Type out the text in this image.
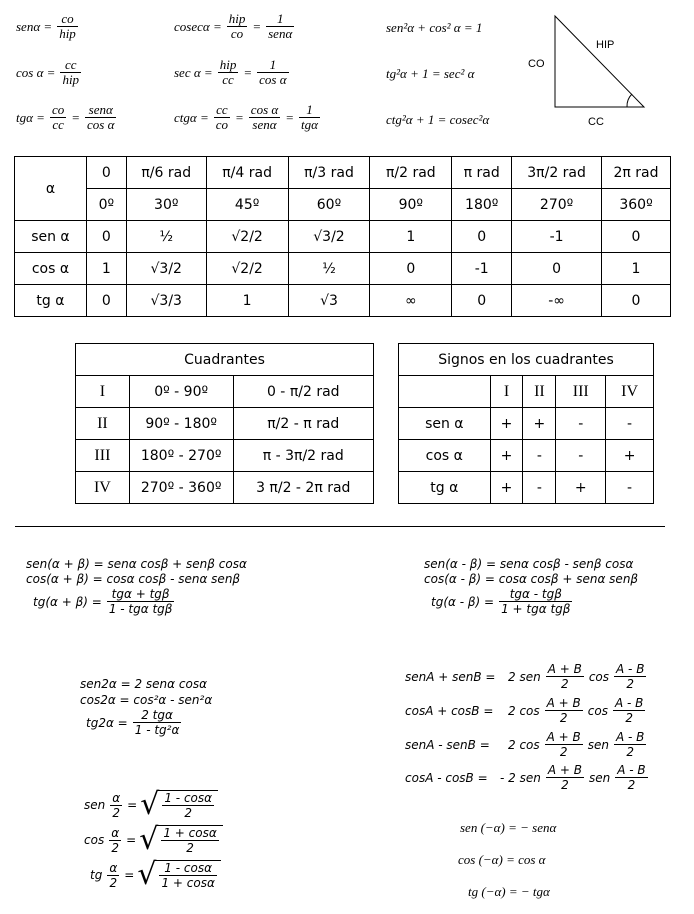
senα = co
hip
cos α = cc
hip
$tg\alpha = \frac{co}{cc} = sen\alpha$
cos α
cosecα = hip
co =	1
senα
sec α = hip
cc = $\frac{1}{\text{cos α}}$
$ctg\alpha = \frac{cc}{co} = \cos \alpha$
senα = 1
tgα
sen²α + cos² α = 1
tg²α + 1 = sec² α
ctg²α + 1 = cosec²α
HIP
CO
CC
α	0	π/6 rad	π/4 rad	π/3 rad	π/2 rad	π rad	3π/2 rad	2π rad
	0º	30º	45º	60º	90º	180º	270º	360º
sen α	0	½	√2/2	√3/2	1	0	-1	0
cos α	1	√3/2	√2/2	½	0	-1	0	1
tg α	0	√3/3	1	√3	∞	0	-∞	0
Cuadrantes		
I	0º - 90º	0 - π/2 rad
II	90º - 180º	π/2 - π rad
III	180º - 270º	π - 3π/2 rad
IV	270º - 360º	3 π/2 - 2π rad
Signos en los cuadrantes				
	I	II	III	IV
sen α	+	+	-	-
cos α	+	-	-	+
tg α	+	-	+	-
sen(α + β) = senα cosβ + senβ cosα
cos(α + β) = cosα cosβ - senα senβ
tg(α + β) =
tgα + tgβ
1 - tgα tgβ
sen(α - β) = senα cosβ - senβ cosα
cos(α - β) = cosα cosβ + senα senβ
tg(α - β) =
tgα - tgβ
1 + tgα tgβ
sen2α = 2 senα cosα
cos2α = cos²α - sen²α
tg2α =
2 tgα
1 - tg²α
senA + senB =	2 sen
A + B
2
cos
A - B
2
cosA + cosB =	2 cos
A + B
2
cos
A - B
2
senA - senB =	2 cos
A + B
2
sen
A - B
2
cosA - cosB =	- 2 sen
A + B
2
sen
A - B
2
sen $\frac{\alpha}{2}$ = √ $\frac{1 - \cos\alpha}{2}$
$\cos \frac{\alpha}{2}$ = √ $\frac{1 + \cos\alpha}{2}$
tg $\frac{\alpha}{2}$ = √ $\frac{1 - \cos\alpha}{1 + \cos\alpha}$
sen (−α) = − senα
cos (−α) = cos α
tg (−α) = − tgα
